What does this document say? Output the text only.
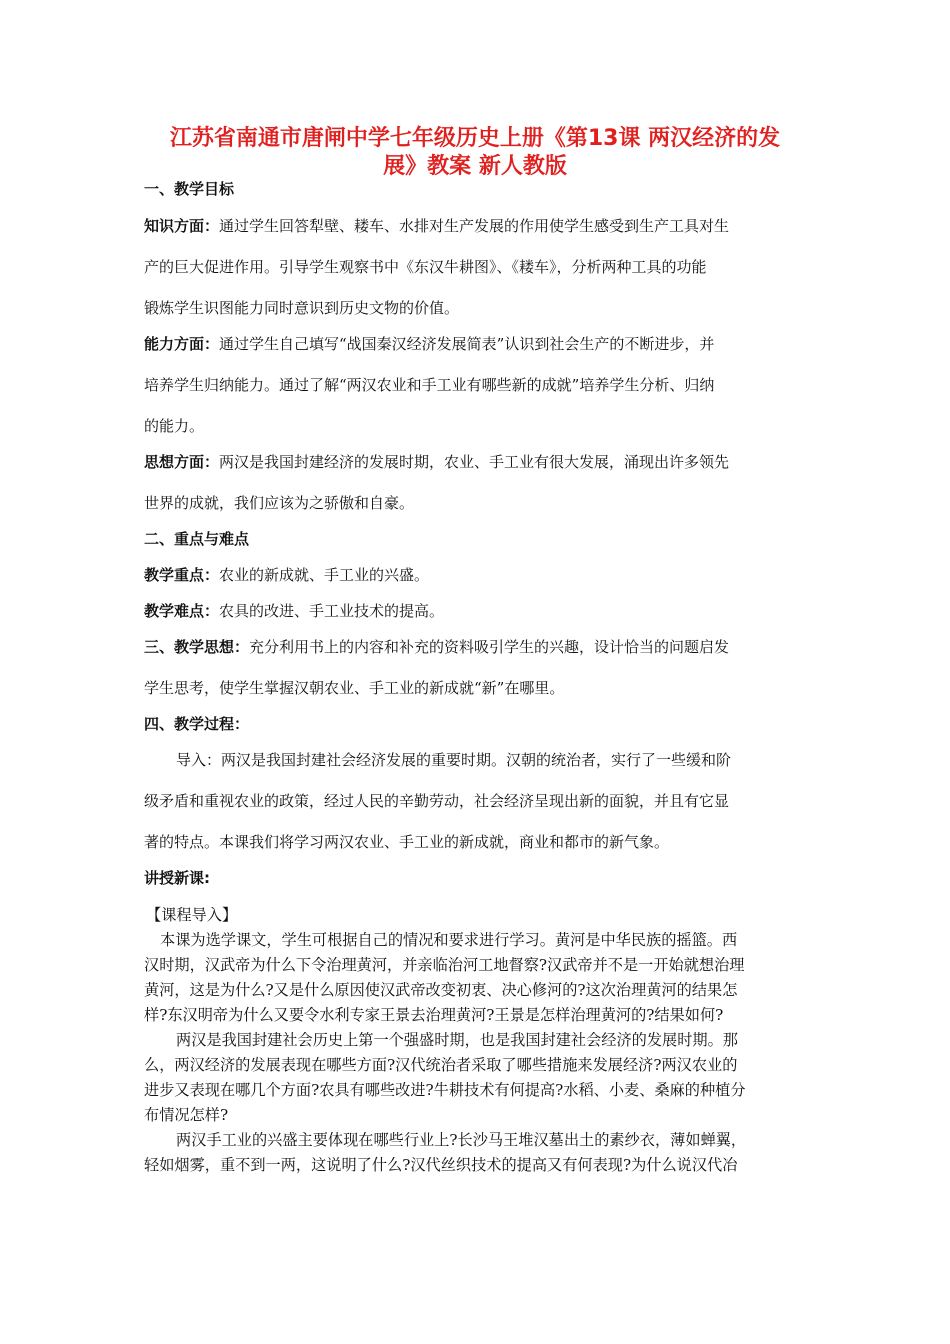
江苏省南通市唐闸中学七年级历史上册《第13课 两汉经济的发
展》教案 新人教版
一、教学目标
知识方面：通过学生回答犁壁、耧车、水排对生产发展的作用使学生感受到生产工具对生
产的巨大促进作用。引导学生观察书中《东汉牛耕图》、《耧车》，分析两种工具的功能
锻炼学生识图能力同时意识到历史文物的价值。
能力方面：通过学生自己填写“战国秦汉经济发展简表”认识到社会生产的不断进步，并
培养学生归纳能力。通过了解“两汉农业和手工业有哪些新的成就”培养学生分析、归纳
的能力。
思想方面：两汉是我国封建经济的发展时期，农业、手工业有很大发展，涌现出许多领先
世界的成就，我们应该为之骄傲和自豪。
二、重点与难点
教学重点：农业的新成就、手工业的兴盛。
教学难点：农具的改进、手工业技术的提高。
三、教学思想：充分利用书上的内容和补充的资料吸引学生的兴趣，设计恰当的问题启发
学生思考，使学生掌握汉朝农业、手工业的新成就“新”在哪里。
四、教学过程：
导入：两汉是我国封建社会经济发展的重要时期。汉朝的统治者，实行了一些缓和阶
级矛盾和重视农业的政策，经过人民的辛勤劳动，社会经济呈现出新的面貌，并且有它显
著的特点。本课我们将学习两汉农业、手工业的新成就，商业和都市的新气象。
讲授新课:
【课程导入】
本课为选学课文，学生可根据自己的情况和要求进行学习。黄河是中华民族的摇篮。西
汉时期，汉武帝为什么下令治理黄河，并亲临治河工地督察?汉武帝并不是一开始就想治理
黄河，这是为什么?又是什么原因使汉武帝改变初衷、决心修河的?这次治理黄河的结果怎
样?东汉明帝为什么又要令水利专家王景去治理黄河?王景是怎样治理黄河的?结果如何?
两汉是我国封建社会历史上第一个强盛时期，也是我国封建社会经济的发展时期。那
么，两汉经济的发展表现在哪些方面?汉代统治者采取了哪些措施来发展经济?两汉农业的
进步又表现在哪几个方面?农具有哪些改进?牛耕技术有何提高?水稻、小麦、桑麻的种植分
布情况怎样?
两汉手工业的兴盛主要体现在哪些行业上?长沙马王堆汉墓出土的素纱衣，薄如蝉翼，
轻如烟雾，重不到一两，这说明了什么?汉代丝织技术的提高又有何表现?为什么说汉代冶
